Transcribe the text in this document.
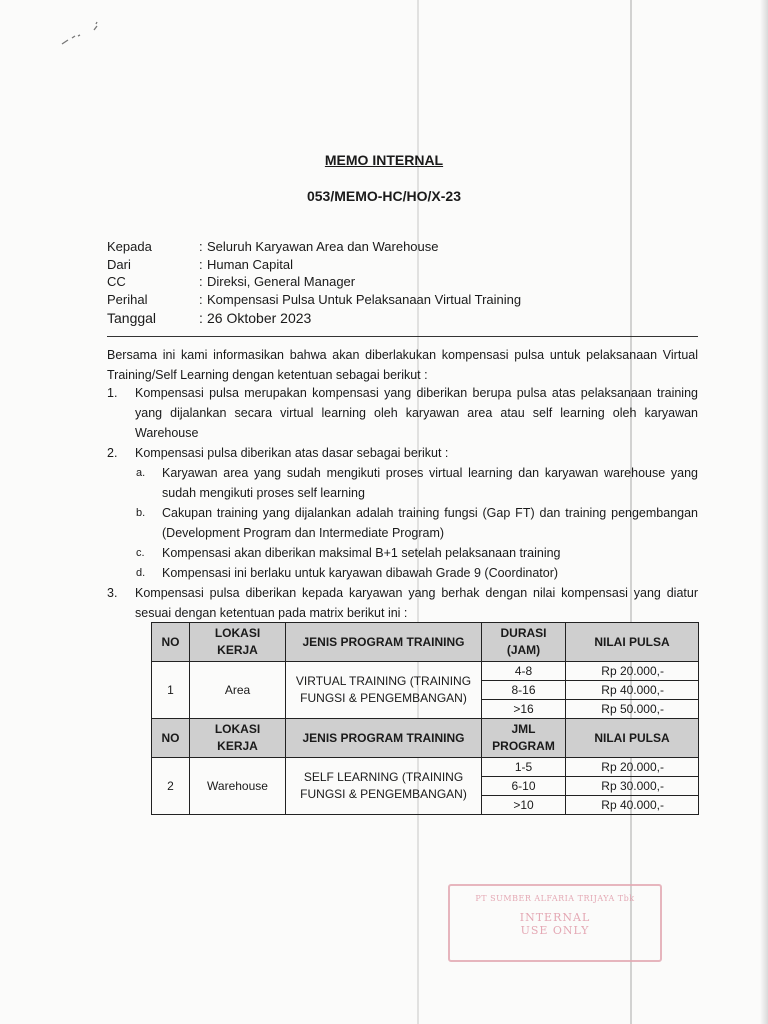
MEMO INTERNAL
053/MEMO-HC/HO/X-23
Kepada	: Seluruh Karyawan Area dan Warehouse
Dari	: Human Capital
CC	: Direksi, General Manager
Perihal	: Kompensasi Pulsa Untuk Pelaksanaan Virtual Training
Tanggal	: 26 Oktober 2023
Bersama ini kami informasikan bahwa akan diberlakukan kompensasi pulsa untuk pelaksanaan Virtual Training/Self Learning dengan ketentuan sebagai berikut :
1.	Kompensasi pulsa merupakan kompensasi yang diberikan berupa pulsa atas pelaksanaan training yang dijalankan secara virtual learning oleh karyawan area atau self learning oleh karyawan Warehouse
2.	Kompensasi pulsa diberikan atas dasar sebagai berikut :
a.	Karyawan area yang sudah mengikuti proses virtual learning dan karyawan warehouse yang sudah mengikuti proses self learning
b.	Cakupan training yang dijalankan adalah training fungsi (Gap FT) dan training pengembangan (Development Program dan Intermediate Program)
c.	Kompensasi akan diberikan maksimal B+1 setelah pelaksanaan training
d.	Kompensasi ini berlaku untuk karyawan dibawah Grade 9 (Coordinator)
3.	Kompensasi pulsa diberikan kepada karyawan yang berhak dengan nilai kompensasi yang diatur sesuai dengan ketentuan pada matrix berikut ini :
NO	LOKASI KERJA	JENIS PROGRAM TRAINING	DURASI (JAM)	NILAI PULSA
1	Area	VIRTUAL TRAINING (TRAINING FUNGSI & PENGEMBANGAN)	4-8	Rp 20.000,-
			8-16	Rp 40.000,-
			>16	Rp 50.000,-
NO	LOKASI KERJA	JENIS PROGRAM TRAINING	JML PROGRAM	NILAI PULSA
2	Warehouse	SELF LEARNING (TRAINING FUNGSI & PENGEMBANGAN)	1-5	Rp 20.000,-
			6-10	Rp 30.000,-
			>10	Rp 40.000,-
PT SUMBER ALFARIA TRIJAYA Tbk
INTERNAL
USE ONLY
